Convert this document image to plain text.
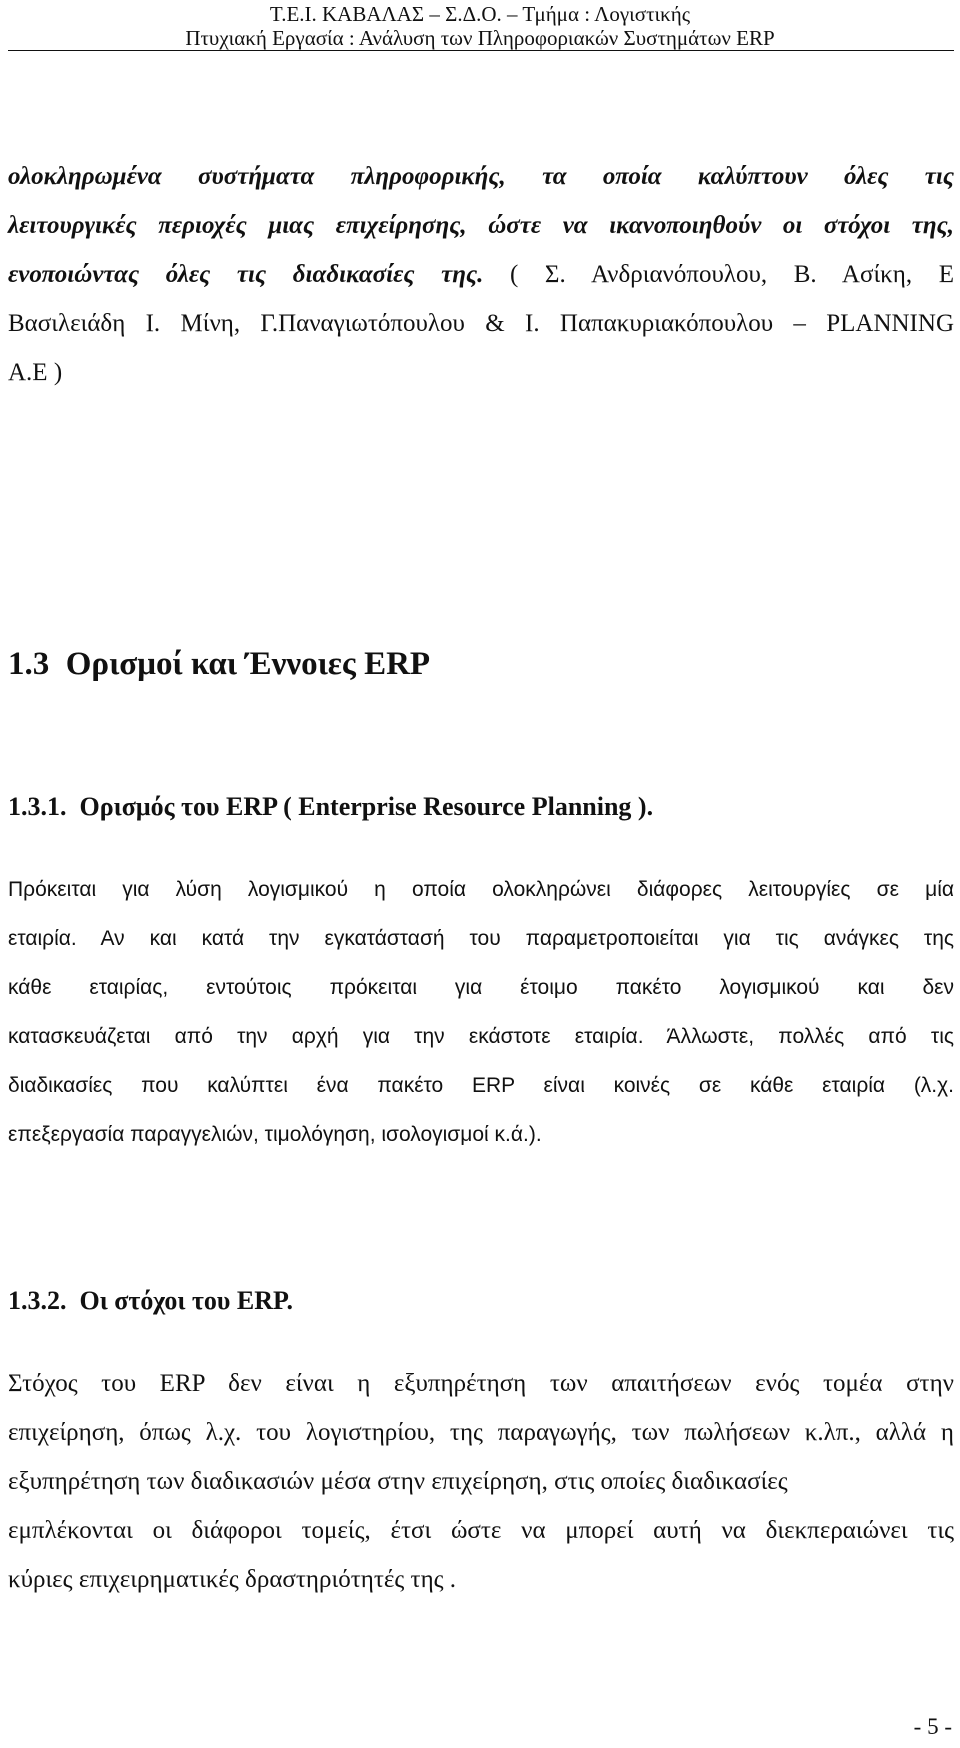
Τ.Ε.Ι. ΚΑΒΑΛΑΣ – Σ.Δ.Ο. – Τμήμα : Λογιστικής
Πτυχιακή Εργασία : Ανάλυση των Πληροφοριακών Συστημάτων ERP
ολοκληρωμένα συστήματα πληροφορικής, τα οποία καλύπτουν όλες τις
λειτουργικές περιοχές μιας επιχείρησης, ώστε να ικανοποιηθούν οι στόχοι της,
ενοποιώντας όλες τις διαδικασίες της. ( Σ. Ανδριανόπουλου, Β. Ασίκη, Ε
Βασιλειάδη Ι. Μίνη, Γ.Παναγιωτόπουλου & Ι. Παπακυριακόπουλου – PLANNING
Α.Ε )
1.3 Ορισμοί και Έννοιες ERP
1.3.1. Ορισμός του ERP ( Enterprise Resource Planning ).
Πρόκειται για λύση λογισμικού η οποία ολοκληρώνει διάφορες λειτουργίες σε μία
εταιρία. Αν και κατά την εγκατάστασή του παραμετροποιείται για τις ανάγκες της
κάθε εταιρίας, εντούτοις πρόκειται για έτοιμο πακέτο λογισμικού και δεν
κατασκευάζεται από την αρχή για την εκάστοτε εταιρία. Άλλωστε, πολλές από τις
διαδικασίες που καλύπτει ένα πακέτο ERP είναι κοινές σε κάθε εταιρία (λ.χ.
επεξεργασία παραγγελιών, τιμολόγηση, ισολογισμοί κ.ά.).
1.3.2. Οι στόχοι του ERP.
Στόχος του ERP δεν είναι η εξυπηρέτηση των απαιτήσεων ενός τομέα στην
επιχείρηση, όπως λ.χ. του λογιστηρίου, της παραγωγής, των πωλήσεων κ.λπ., αλλά η
εξυπηρέτηση των διαδικασιών μέσα στην επιχείρηση, στις οποίες διαδικασίες
εμπλέκονται οι διάφοροι τομείς, έτσι ώστε να μπορεί αυτή να διεκπεραιώνει τις
κύριες επιχειρηματικές δραστηριότητές της .
- 5 -
